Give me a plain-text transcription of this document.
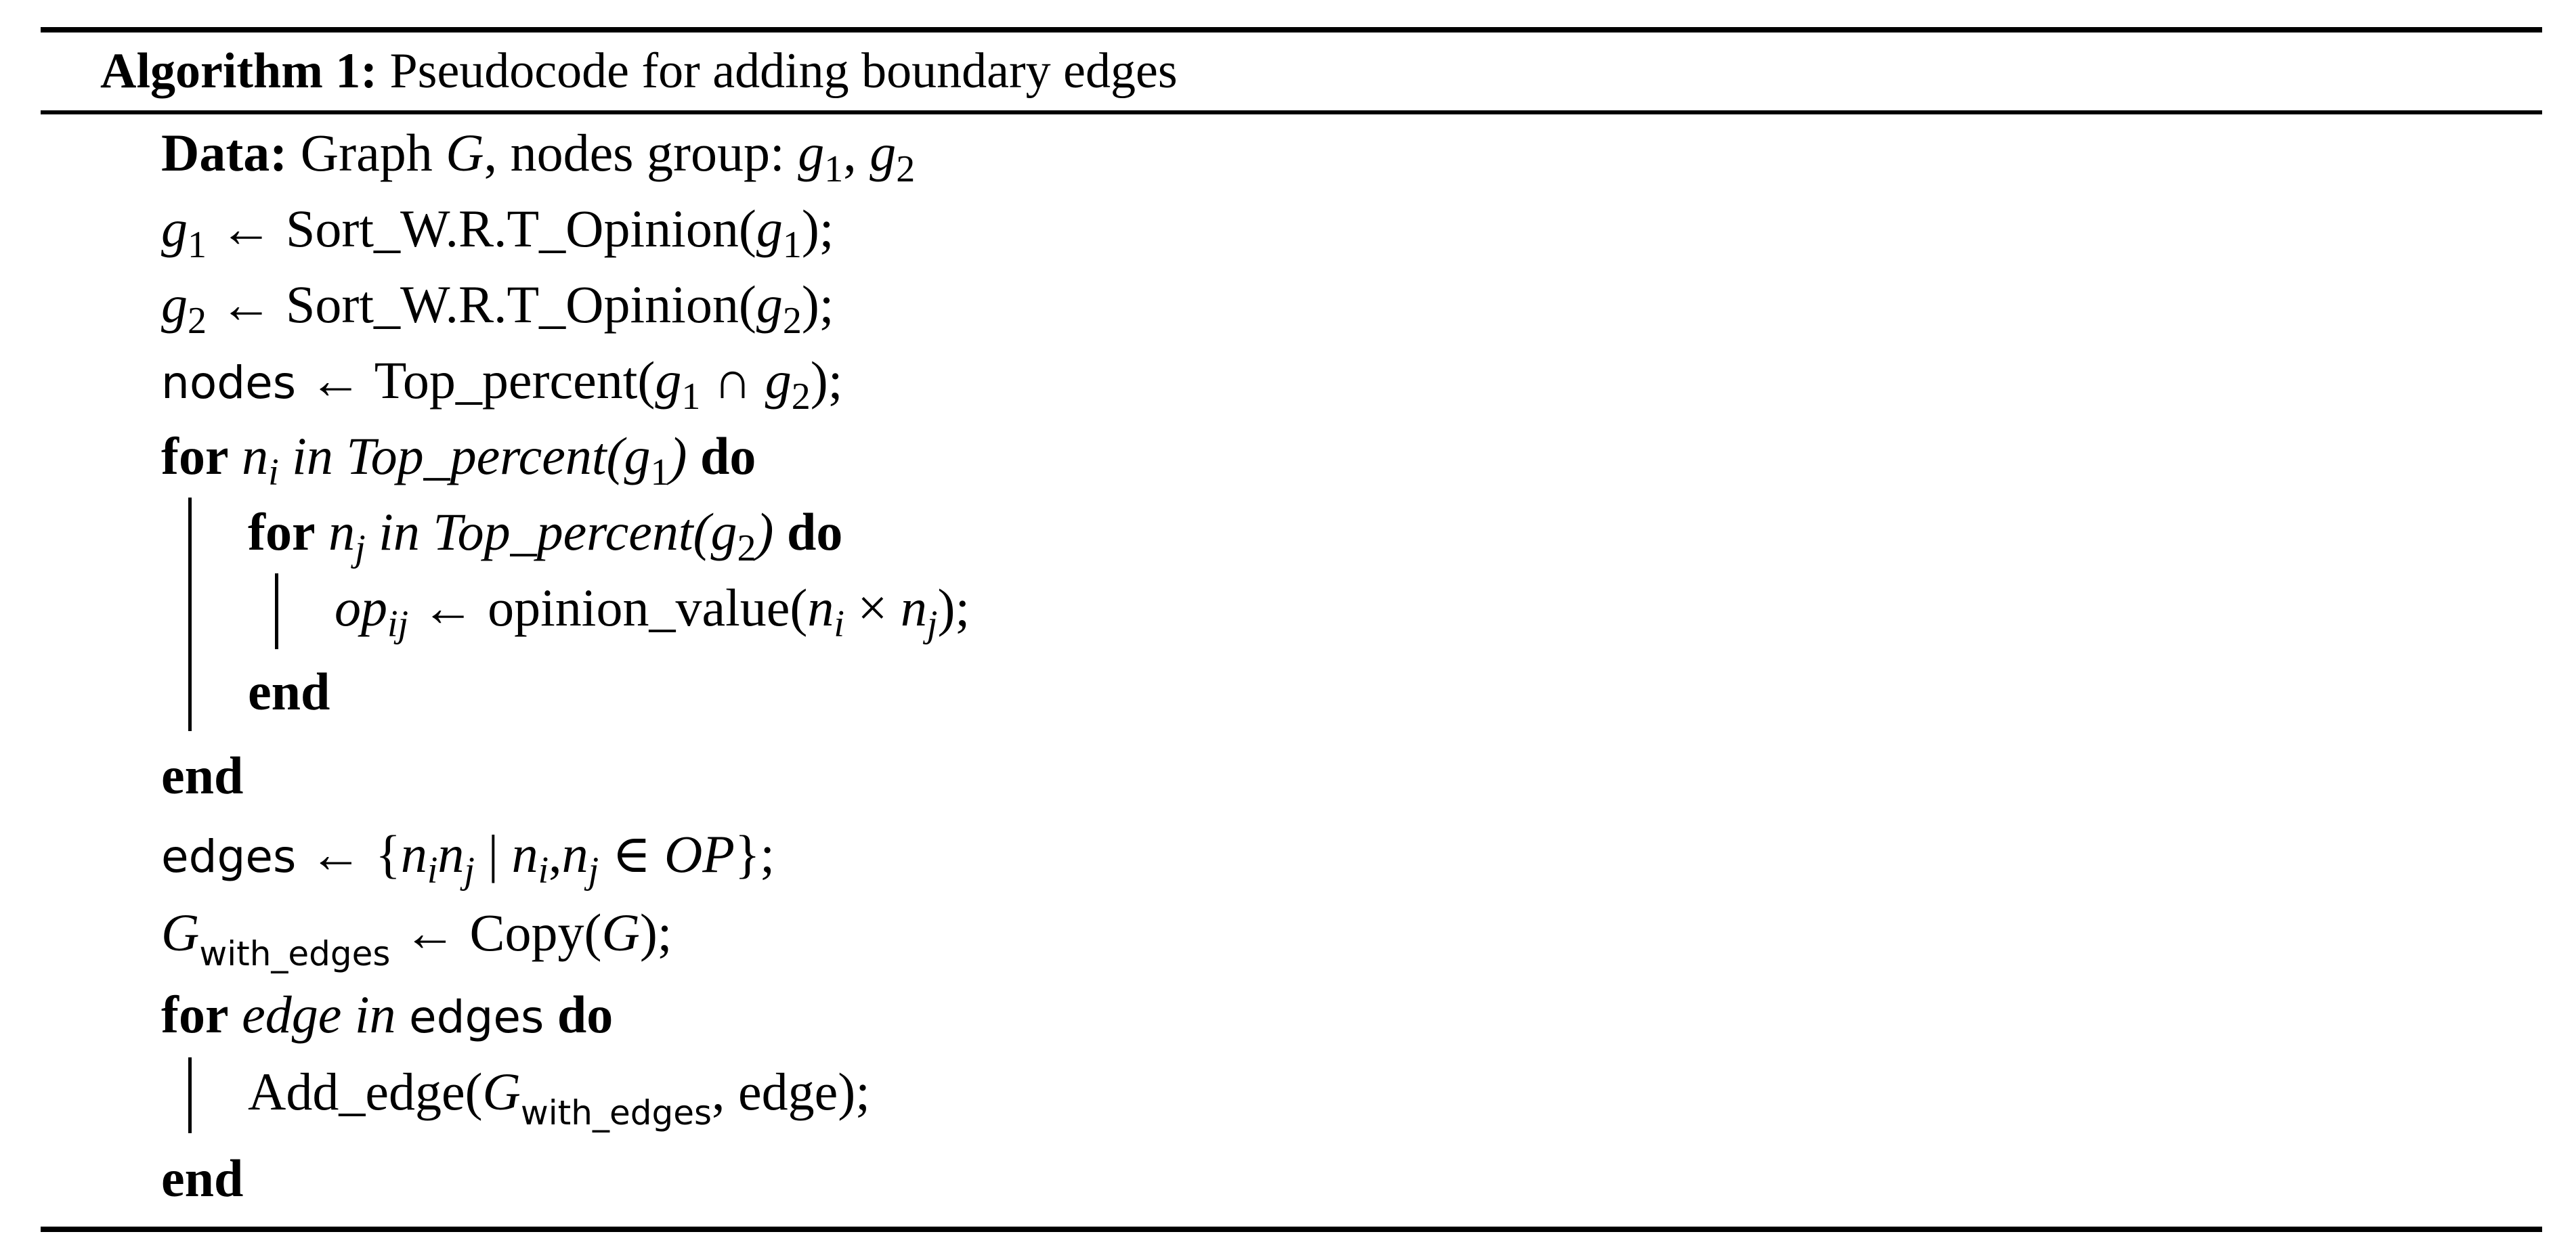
Algorithm 1: Pseudocode for adding boundary edges
Data: Graph G, nodes group: $g_1$, $g_2$
$g_1$ ← $Sort\_W.R.T\_Opinion(g_1)$;
$g_2$ ← $Sort\_W.R.T\_Opinion(g_2)$;
nodes ← $Top\_percent(g_1$ ∩ $g_2$);
for $n_i$ in $Top\_percent(g_1)$ do
for $n_j$ in $Top\_percent(g_2)$ do
$op_{ij}$ ← $opinion\_value(n_i \times n_j)$;
end
end
edges ← {$n_in_j$ | $n_i,n_j$ ∈ OP};
$G_{with\_edges}$ ← Copy(G);
for edge in edges do
$Add\_edge(G_{with\_edges}$, edge);
end
